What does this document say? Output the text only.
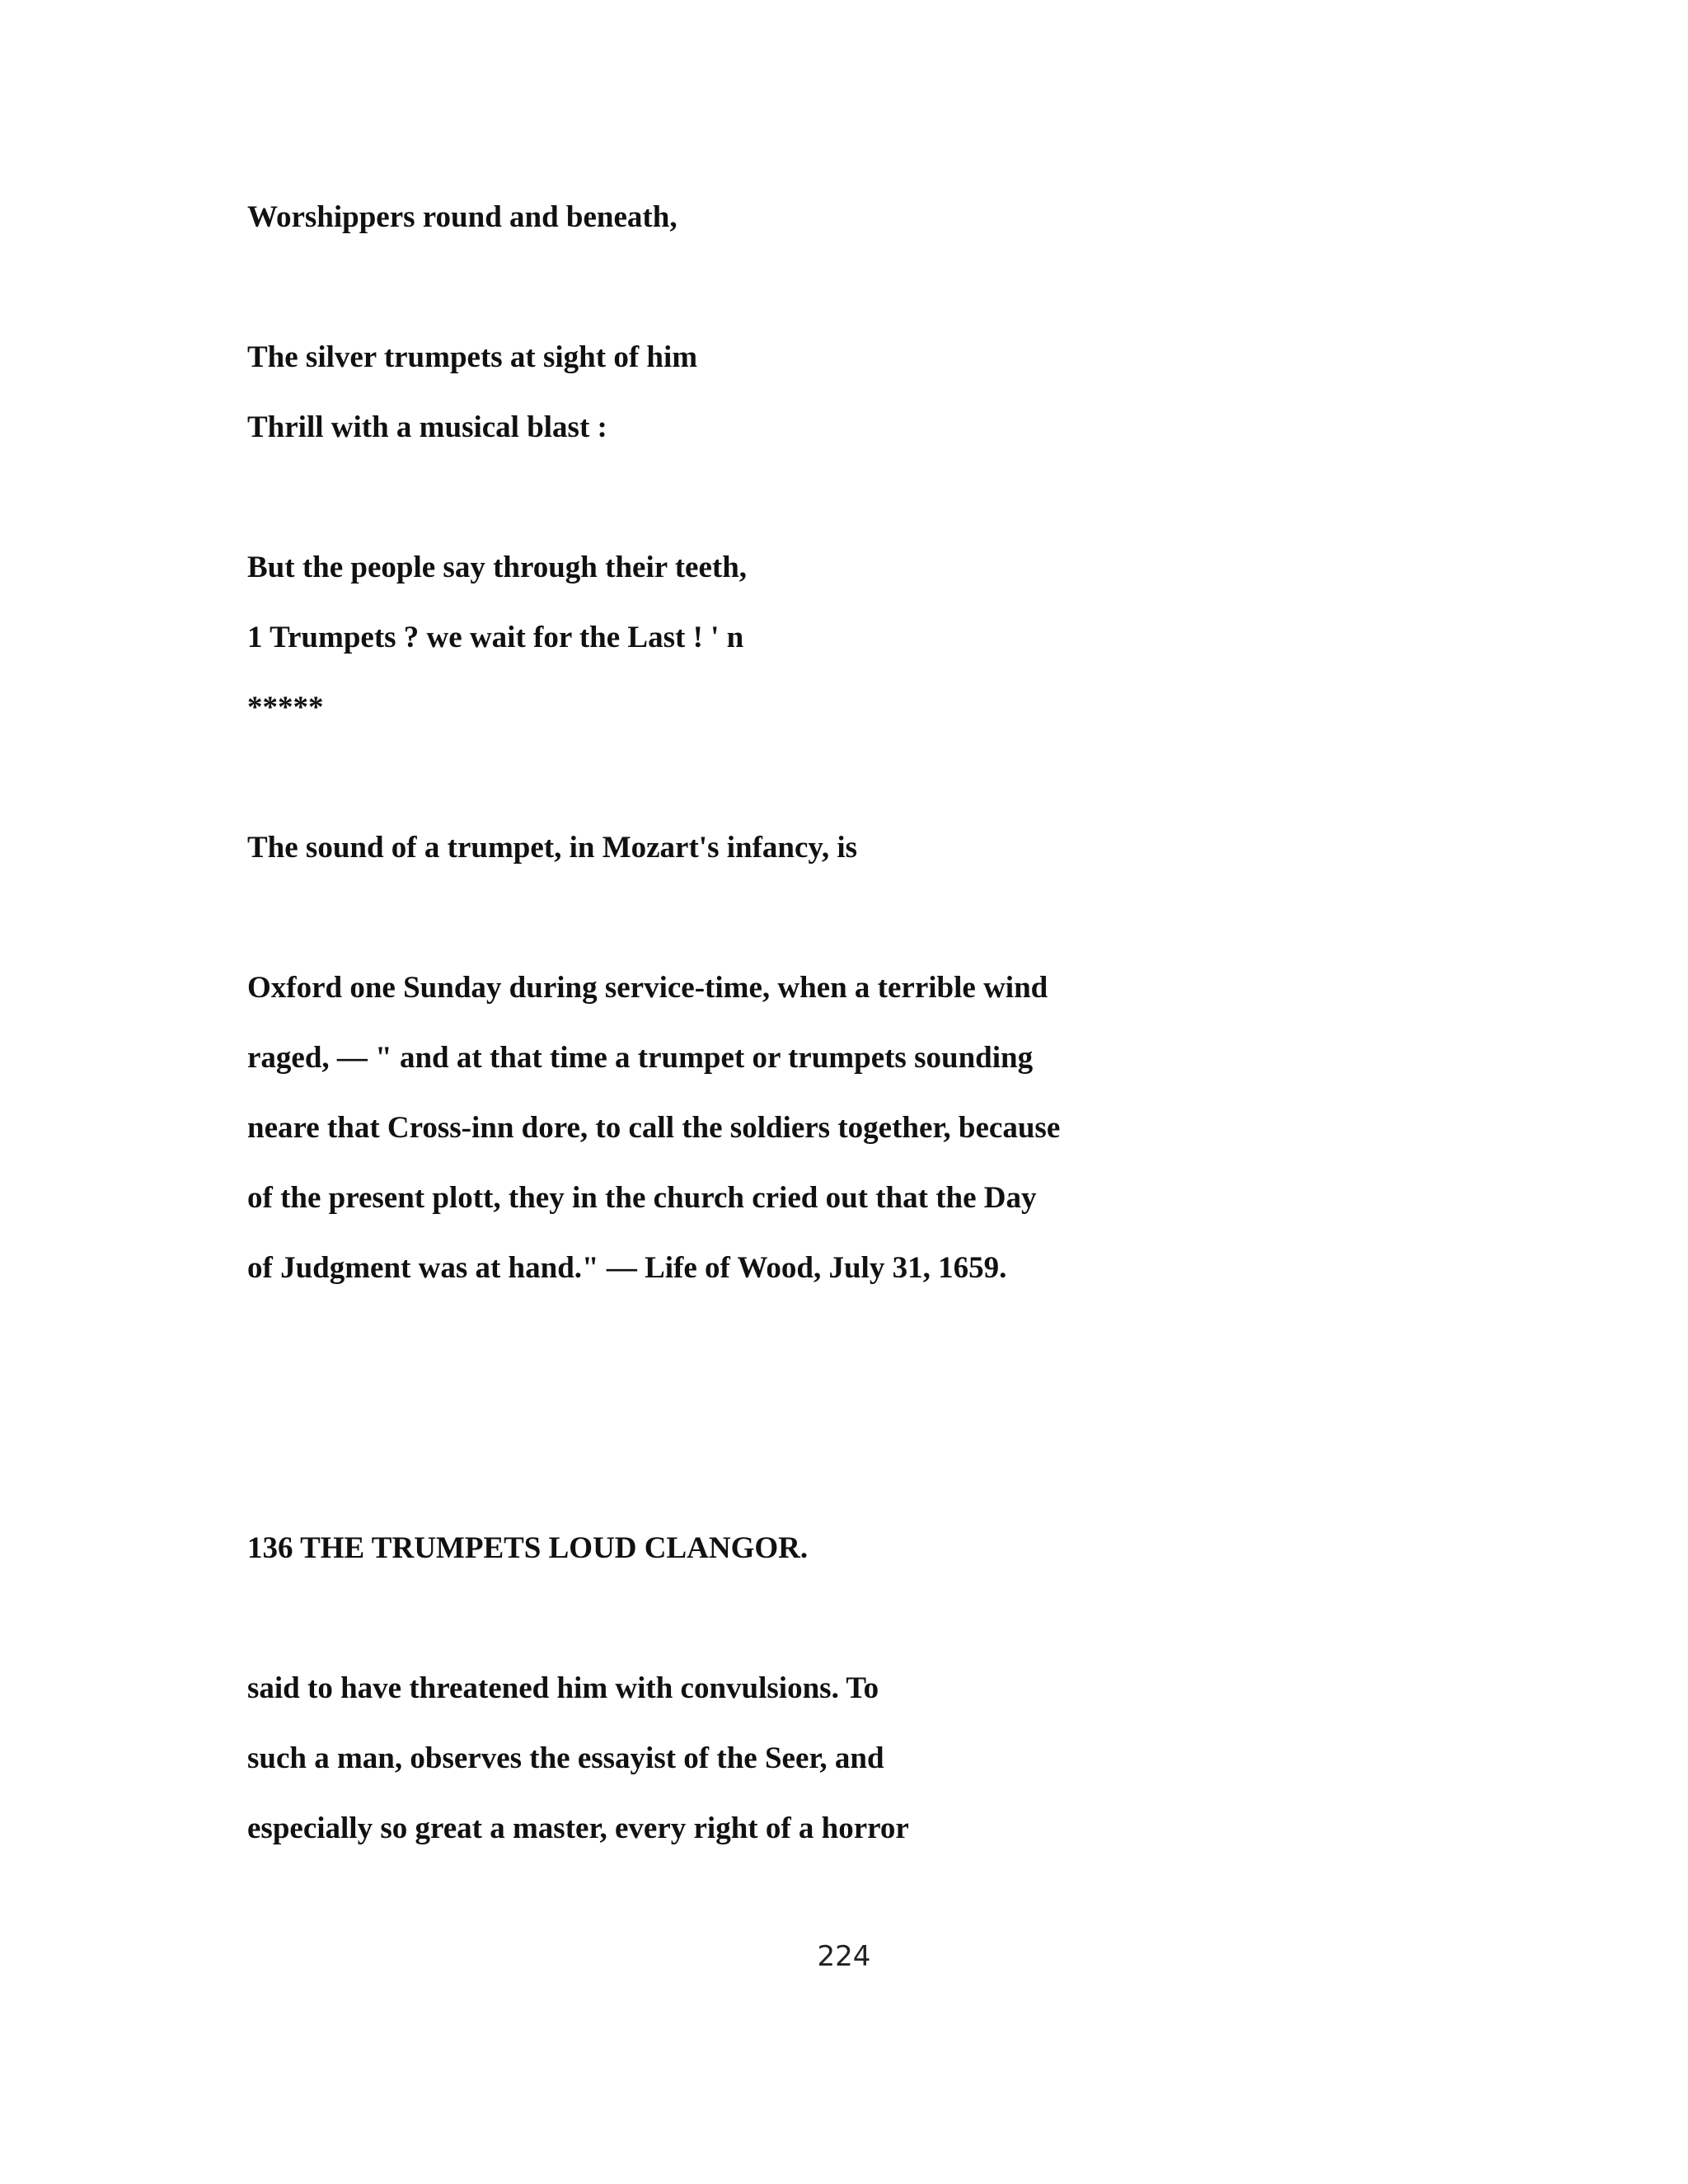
Worshippers round and beneath,

The silver trumpets at sight of him

Thrill with a musical blast :

But the people say through their teeth,

1 Trumpets ? we wait for the Last ! ' n

*****

The sound of a trumpet, in Mozart's infancy, is

Oxford one Sunday during service-time, when a terrible wind

raged, — " and at that time a trumpet or trumpets sounding

neare that Cross-inn dore, to call the soldiers together, because

of the present plott, they in the church cried out that the Day

of Judgment was at hand." — Life of Wood, July 31, 1659.

136 THE TRUMPETS LOUD CLANGOR.

said to have threatened him with convulsions. To

such a man, observes the essayist of the Seer, and

especially so great a master, every right of a horror

224
